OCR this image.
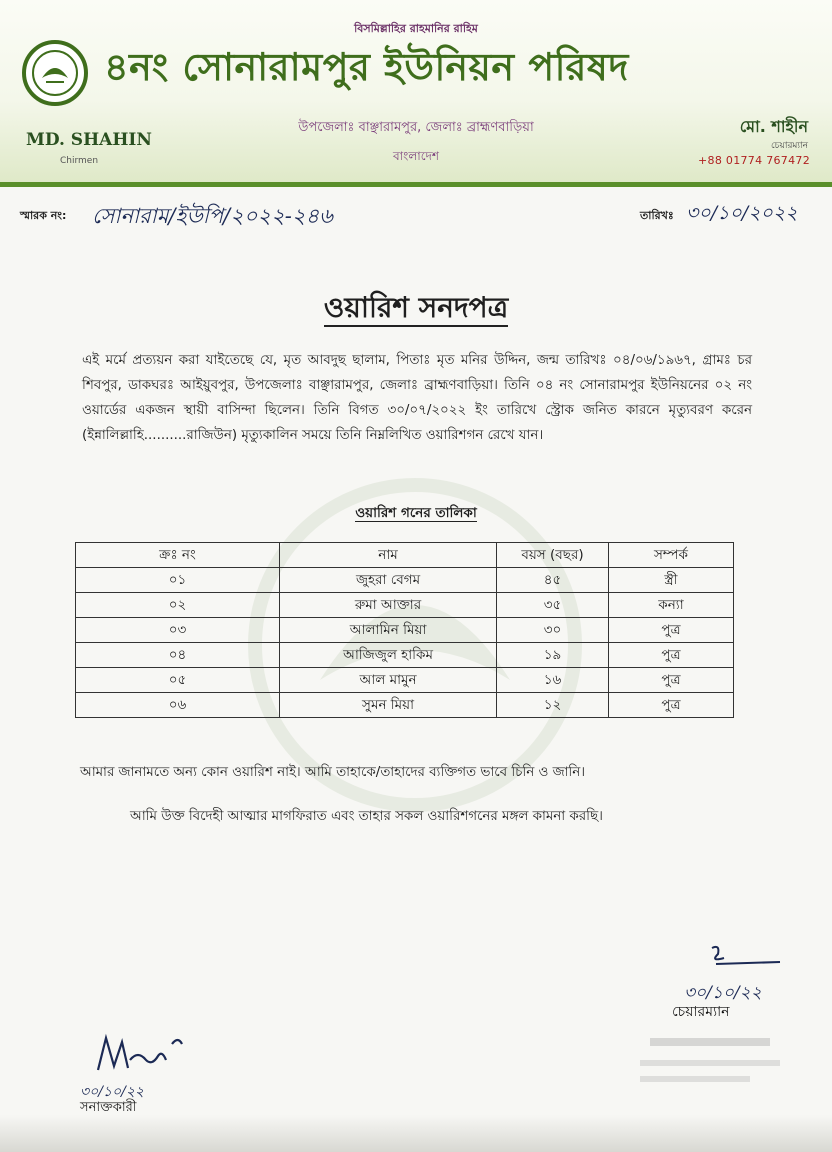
বিসমিল্লাহির রাহমানির রাহিম
৪নং সোনারামপুর ইউনিয়ন পরিষদ
উপজেলাঃ বাঞ্ছারামপুর, জেলাঃ ব্রাহ্মণবাড়িয়া
বাংলাদেশ
MD. SHAHIN
Chirmen
মো. শাহীন
চেয়ারম্যান
+88 01774 767472
স্মারক নং: সোনারাম/ইউপি/২০২২-২৪৬	তারিখঃ ৩০/১০/২০২২
ওয়ারিশ সনদপত্র
এই মর্মে প্রত্যয়ন করা যাইতেছে যে, মৃত আবদুছ ছালাম, পিতাঃ মৃত মনির উদ্দিন, জন্ম তারিখঃ ০৪/০৬/১৯৬৭, গ্রামঃ চর শিবপুর, ডাকঘরঃ আইয়ুবপুর, উপজেলাঃ বাঞ্ছারামপুর, জেলাঃ ব্রাহ্মণবাড়িয়া। তিনি ০৪ নং সোনারামপুর ইউনিয়নের ০২ নং ওয়ার্ডের একজন স্থায়ী বাসিন্দা ছিলেন। তিনি বিগত ৩০/০৭/২০২২ ইং তারিখে স্ট্রোক জনিত কারনে মৃত্যুবরণ করেন (ইন্নালিল্লাহি..........রাজিউন) মৃত্যুকালিন সময়ে তিনি নিম্নলিখিত ওয়ারিশগন রেখে যান।
ওয়ারিশ গনের তালিকা
ক্রঃ নং	নাম	বয়স (বছর)	সম্পর্ক
০১	জুহরা বেগম	৪৫	স্ত্রী
০২	রুমা আক্তার	৩৫	কন্যা
০৩	আলামিন মিয়া	৩০	পুত্র
০৪	আজিজুল হাকিম	১৯	পুত্র
০৫	আল মামুন	১৬	পুত্র
০৬	সুমন মিয়া	১২	পুত্র
আমার জানামতে অন্য কোন ওয়ারিশ নাই। আমি তাহাকে/তাহাদের ব্যক্তিগত ভাবে চিনি ও জানি।
আমি উক্ত বিদেহী আত্মার মাগফিরাত এবং তাহার সকল ওয়ারিশগনের মঙ্গল কামনা করছি।
৩০/১০/২২
চেয়ারম্যান
৩০/১০/২২
সনাক্তকারী
